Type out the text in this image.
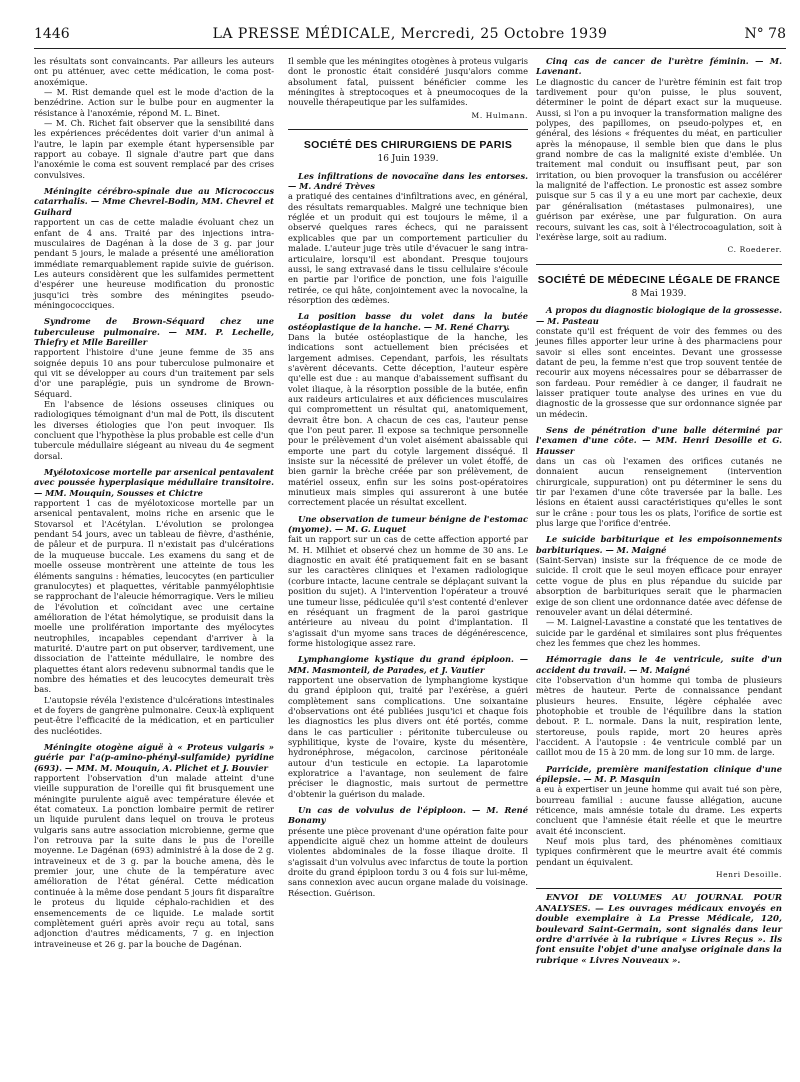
1446	LA PRESSE MÉDICALE, Mercredi, 25 Octobre 1939	N° 78

les résultats sont convaincants. Par ailleurs les auteurs ont pu atténuer, avec cette médication, le coma post-anoxémique.

— M. Rist demande quel est le mode d'action de la benzédrine. Action sur le bulbe pour en augmenter la résistance à l'anoxémie, répond M. L. Binet.

— M. Ch. Richet fait observer que la sensibilité dans les expériences précédentes doit varier d'un animal à l'autre, le lapin par exemple étant hypersensible par rapport au cobaye. Il signale d'autre part que dans l'anoxémie le coma est souvent remplacé par des crises convulsives.

Méningite cérébro-spinale due au Micrococcus catarrhalis. — Mme Chevrel-Bodin, MM. Chevrel et Guihard

rapportent un cas de cette maladie évoluant chez un enfant de 4 ans. Traité par des injections intra-musculaires de Dagénan à la dose de 3 g. par jour pendant 5 jours, le malade a présenté une amélioration immédiate remarquablement rapide suivie de guérison. Les auteurs considèrent que les sulfamides permettent d'espérer une heureuse modification du pronostic jusqu'ici très sombre des méningites pseudo-méningococciques.

Syndrome de Brown-Séquard chez une tuberculeuse pulmonaire. — MM. P. Lechelle, Thiefry et Mlle Bareiller

rapportent l'histoire d'une jeune femme de 35 ans soignée depuis 10 ans pour tuberculose pulmonaire et qui vit se développer au cours d'un traitement par sels d'or une paraplégie, puis un syndrome de Brown-Séquard.

En l'absence de lésions osseuses cliniques ou radiologiques témoignant d'un mal de Pott, ils discutent les diverses étiologies que l'on peut invoquer. Ils concluent que l'hypothèse la plus probable est celle d'un tubercule médullaire siégeant au niveau du 4e segment dorsal.

Myélotoxicose mortelle par arsenical pentavalent avec poussée hyperplasique médullaire transitoire. — MM. Mouquin, Sousses et Chictre

rapportent 1 cas de myélotoxicose mortelle par un arsenical pentavalent, moins riche en arsenic que le Stovarsol et l'Acétylan. L'évolution se prolongea pendant 54 jours, avec un tableau de fièvre, d'asthénie, de pâleur et de purpura. Il n'existait pas d'ulcérations de la muqueuse buccale. Les examens du sang et de moelle osseuse montrèrent une atteinte de tous les éléments sanguins : hématies, leucocytes (en particulier granulocytes) et plaquettes, véritable panmyélophtisie se rapprochant de l'aleucie hémorragique. Vers le milieu de l'évolution et coïncidant avec une certaine amélioration de l'état hémolytique, se produisit dans la moelle une prolifération importante des myélocytes neutrophiles, incapables cependant d'arriver à la maturité. D'autre part on put observer, tardivement, une dissociation de l'atteinte médullaire, le nombre des plaquettes étant alors redevenu subnormal tandis que le nombre des hématies et des leucocytes demeurait très bas.

L'autopsie révéla l'existence d'ulcérations intestinales et de foyers de gangrène pulmonaire. Ceux-là expliquent peut-être l'efficacité de la médication, et en particulier des nucléotides.

Méningite otogène aiguë à « Proteus vulgaris » guérie par l'a(p-amino-phényl-sulfamide) pyridine (693). — MM. M. Mouquin, A. Plichet et J. Bouvier

rapportent l'observation d'un malade atteint d'une vieille suppuration de l'oreille qui fit brusquement une méningite purulente aiguë avec température élevée et état comateux. La ponction lombaire permit de retirer un liquide purulent dans lequel on trouva le proteus vulgaris sans autre association microbienne, germe que l'on retrouva par la suite dans le pus de l'oreille moyenne. Le Dagénan (693) administré à la dose de 2 g. intraveineux et de 3 g. par la bouche amena, dès le premier jour, une chute de la température avec amélioration de l'état général. Cette médication continuée à la même dose pendant 5 jours fit disparaître le proteus du liquide céphalo-rachidien et des ensemencements de ce liquide. Le malade sortit complètement guéri après avoir reçu au total, sans adjonction d'autres médicaments, 7 g. en injection intraveineuse et 26 g. par la bouche de Dagénan.

Il semble que les méningites otogènes à proteus vulgaris dont le pronostic était considéré jusqu'alors comme absolument fatal, puissent bénéficier comme les méningites à streptocoques et à pneumocoques de la nouvelle thérapeutique par les sulfamides.

M. Hulmann.

SOCIÉTÉ DES CHIRURGIENS DE PARIS

16 Juin 1939.

Les infiltrations de novocaïne dans les entorses. — M. André Trèves

a pratiqué des centaines d'infiltrations avec, en général, des résultats remarquables. Malgré une technique bien réglée et un produit qui est toujours le même, il a observé quelques rares échecs, qui ne paraissent explicables que par un comportement particulier du malade. L'auteur juge très utile d'évacuer le sang intra-articulaire, lorsqu'il est abondant. Presque toujours aussi, le sang extravasé dans le tissu cellulaire s'écoule en partie par l'orifice de ponction, une fois l'aiguille retirée, ce qui hâte, conjointement avec la novocaïne, la résorption des œdèmes.

La position basse du volet dans la butée ostéoplastique de la hanche. — M. René Charry.

Dans la butée ostéoplastique de la hanche, les indications sont actuellement bien précisées et largement admises. Cependant, parfois, les résultats s'avèrent décevants. Cette déception, l'auteur espère qu'elle est due : au manque d'abaissement suffisant du volet iliaque, à la résorption possible de la butée, enfin aux raideurs articulaires et aux déficiences musculaires qui compromettent un résultat qui, anatomiquement, devrait être bon. A chacun de ces cas, l'auteur pense que l'on peut parer. Il expose sa technique personnelle pour le prélèvement d'un volet aisément abaissable qui emporte une part du cotyle largement disséqué. Il insiste sur la nécessité de prélever un volet étoffé, de bien garnir la brèche créée par son prélèvement, de matériel osseux, enfin sur les soins post-opératoires minutieux mais simples qui assureront à une butée correctement placée un résultat excellent.

Une observation de tumeur bénigne de l'estomac (myome). — M. G. Luquet

fait un rapport sur un cas de cette affection apporté par M. H. Milhiet et observé chez un homme de 30 ans. Le diagnostic en avait été pratiquement fait en se basant sur les caractères cliniques et l'examen radiologique (corbure intacte, lacune centrale se déplaçant suivant la position du sujet). A l'intervention l'opérateur a trouvé une tumeur lisse, pédiculée qu'il s'est contenté d'enlever en réséquant un fragment de la paroi gastrique antérieure au niveau du point d'implantation. Il s'agissait d'un myome sans traces de dégénérescence, forme histologique assez rare.

Lymphangiome kystique du grand épiploon. — MM. Masmonteil, de Parades, et J. Vautier

rapportent une observation de lymphangiome kystique du grand épiploon qui, traité par l'exérèse, a guéri complètement sans complications. Une soixantaine d'observations ont été publiées jusqu'ici et chaque fois les diagnostics les plus divers ont été portés, comme dans le cas particulier : péritonite tuberculeuse ou syphilitique, kyste de l'ovaire, kyste du mésentère, hydronéphrose, mégacolon, carcinose péritonéale autour d'un testicule en ectopie. La laparotomie exploratrice a l'avantage, non seulement de faire préciser le diagnostic, mais surtout de permettre d'obtenir la guérison du malade.

Un cas de volvulus de l'épiploon. — M. René Bonamy

présente une pièce provenant d'une opération faite pour appendicite aiguë chez un homme atteint de douleurs violentes abdominales de la fosse iliaque droite. Il s'agissait d'un volvulus avec infarctus de toute la portion droite du grand épiploon tordu 3 ou 4 fois sur lui-même, sans connexion avec aucun organe malade du voisinage. Résection. Guérison.

Cinq cas de cancer de l'urètre féminin. — M. Lavenant.

Le diagnostic du cancer de l'urètre féminin est fait trop tardivement pour qu'on puisse, le plus souvent, déterminer le point de départ exact sur la muqueuse. Aussi, si l'on a pu invoquer la transformation maligne des polypes, des papillomes, on pseudo-polypes et, en général, des lésions « fréquentes du méat, en particulier après la ménopause, il semble bien que dans le plus grand nombre de cas la malignité existe d'emblée. Un traitement mal conduit ou insuffisant peut, par son irritation, ou bien provoquer la transfusion ou accélérer la malignité de l'affection. Le pronostic est assez sombre puisque sur 5 cas il y a eu une mort par cachexie, deux par généralisation (métastases pulmonaires), une guérison par exérèse, une par fulguration. On aura recours, suivant les cas, soit à l'électrocoagulation, soit à l'exérèse large, soit au radium.

C. Roederer.

SOCIÉTÉ DE MÉDECINE LÉGALE DE FRANCE

8 Mai 1939.

A propos du diagnostic biologique de la grossesse. — M. Pasteau

constate qu'il est fréquent de voir des femmes ou des jeunes filles apporter leur urine à des pharmaciens pour savoir si elles sont enceintes. Devant une grossesse datant de peu, la femme n'est que trop souvent tentée de recourir aux moyens nécessaires pour se débarrasser de son fardeau. Pour remédier à ce danger, il faudrait ne laisser pratiquer toute analyse des urines en vue du diagnostic de la grossesse que sur ordonnance signée par un médecin.

Sens de pénétration d'une balle déterminé par l'examen d'une côte. — MM. Henri Desoille et G. Hausser

dans un cas où l'examen des orifices cutanés ne donnaient aucun renseignement (intervention chirurgicale, suppuration) ont pu déterminer le sens du tir par l'examen d'une côte traversée par la balle. Les lésions en étaient aussi caractéristiques qu'elles le sont sur le crâne : pour tous les os plats, l'orifice de sortie est plus large que l'orifice d'entrée.

Le suicide barbiturique et les empoisonnements barbituriques. — M. Maigné

(Saint-Servan) insiste sur la fréquence de ce mode de suicide. Il croit que le seul moyen efficace pour enrayer cette vogue de plus en plus répandue du suicide par absorption de barbituriques serait que le pharmacien exige de son client une ordonnance datée avec défense de renouveler avant un délai déterminé.

— M. Laignel-Lavastine a constaté que les tentatives de suicide par le gardénal et similaires sont plus fréquentes chez les femmes que chez les hommes.

Hémorragie dans le 4e ventricule, suite d'un accident du travail. — M. Maigné

cite l'observation d'un homme qui tomba de plusieurs mètres de hauteur. Perte de connaissance pendant plusieurs heures. Ensuite, légère céphalée avec photophobie et trouble de l'équilibre dans la station debout. P. L. normale. Dans la nuit, respiration lente, stertoreuse, pouls rapide, mort 20 heures après l'accident. A l'autopsie : 4e ventricule comblé par un caillot mou de 15 à 20 mm. de long sur 10 mm. de large.

Parricide, première manifestation clinique d'une épilepsie. — M. P. Masquin

a eu à expertiser un jeune homme qui avait tué son père, bourreau familial : aucune fausse allégation, aucune réticence, mais amnésie totale du drame. Les experts concluent que l'amnésie était réelle et que le meurtre avait été inconscient.

Neuf mois plus tard, des phénomènes comitiaux typiques confirmèrent que le meurtre avait été commis pendant un équivalent.

Henri Desoille.

ENVOI DE VOLUMES AU JOURNAL POUR ANALYSES. — Les ouvrages médicaux envoyés en double exemplaire à La Presse Médicale, 120, boulevard Saint-Germain, sont signalés dans leur ordre d'arrivée à la rubrique « Livres Reçus ». Ils font ensuite l'objet d'une analyse originale dans la rubrique « Livres Nouveaux ».
